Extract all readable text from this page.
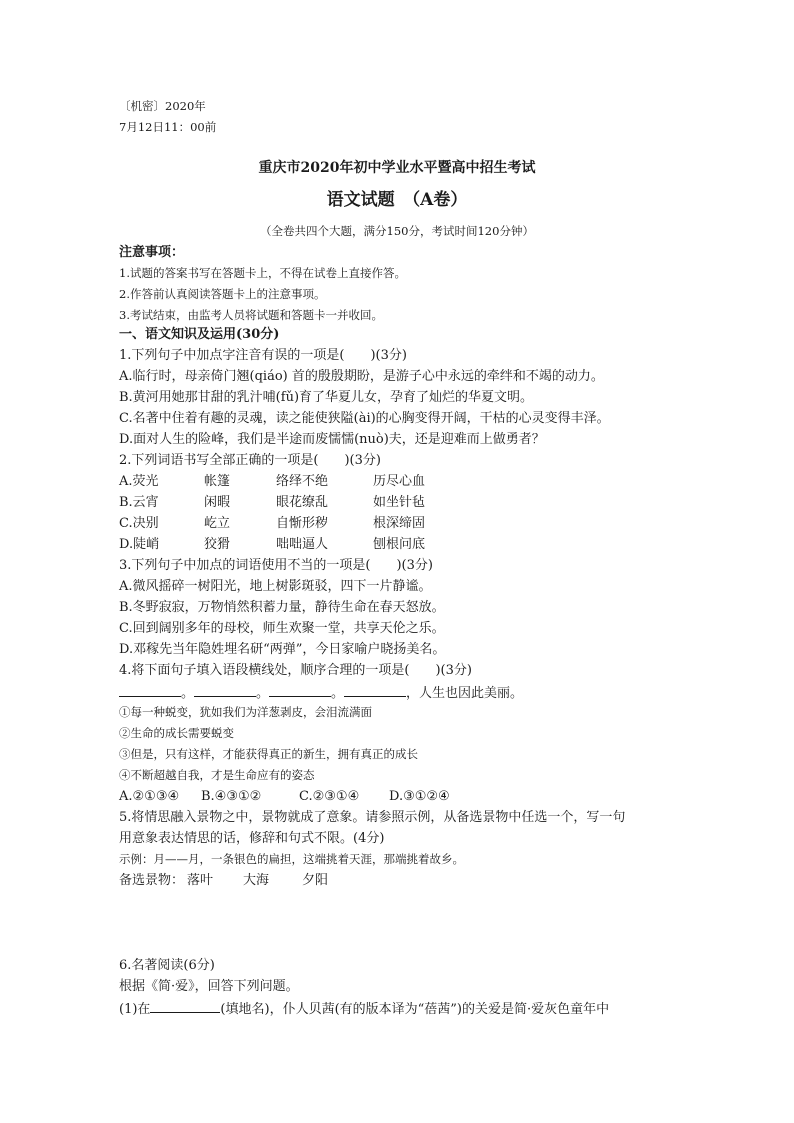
〔机密〕2020年
7月12日11：00前
重庆市2020年初中学业水平暨高中招生考试
语文试题　（A卷）
（全卷共四个大题，满分150分，考试时间120分钟）
注意事项：
1.试题的答案书写在答题卡上，不得在试卷上直接作答。
2.作答前认真阅读答题卡上的注意事项。
3.考试结束，由监考人员将试题和答题卡一并收回。
一、语文知识及运用(30分)
1.下列句子中加点字注音有误的一项是(　　)(3分)
A.临行时，母亲倚门翘(qiáo) 首的殷殷期盼，是游子心中永远的牵绊和不竭的动力。
B.黄河用她那甘甜的乳汁哺(fǔ)育了华夏儿女，孕育了灿烂的华夏文明。
C.名著中住着有趣的灵魂，读之能使狭隘(ài)的心胸变得开阔，干枯的心灵变得丰泽。
D.面对人生的险峰，我们是半途而废懦懦(nuò)夫，还是迎难而上做勇者？
2.下列词语书写全部正确的一项是(　　)(3分)
A.荧光	帐篷	络绎不绝	历尽心血
B.云宵	闲暇	眼花缭乱	如坐针毡
C.决别	屹立	自惭形秽	根深缔固
D.陡峭	狡猾	咄咄逼人	刨根问底
3.下列句子中加点的词语使用不当的一项是(　　)(3分)
A.微风摇碎一树阳光，地上树影斑驳，四下一片静谧。
B.冬野寂寂，万物悄然积蓄力量，静待生命在春天怒放。
C.回到阔别多年的母校，师生欢聚一堂，共享天伦之乐。
D.邓稼先当年隐姓埋名研“两弹”，今日家喻户晓扬美名。
4.将下面句子填入语段横线处，顺序合理的一项是(　　)(3分)
。	。	。	，人生也因此美丽。
①每一种蜕变，犹如我们为洋葱剥皮，会泪流满面
②生命的成长需要蜕变
③但是，只有这样，才能获得真正的新生，拥有真正的成长
④不断超越自我，才是生命应有的姿态
A.②①③④ B.④③①②	C.②③①④ D.③①②④
5.将情思融入景物之中，景物就成了意象。请参照示例，从备选景物中任选一个，写一句
用意象表达情思的话，修辞和句式不限。(4分)
示例：月——月，一条银色的扁担，这端挑着天涯，那端挑着故乡。
备选景物： 落叶 大海	夕阳
6.名著阅读(6分)
根据《简·爱》，回答下列问题。
(1)在	(填地名)，仆人贝茜(有的版本译为“蓓茜”)的关爱是简·爱灰色童年中
